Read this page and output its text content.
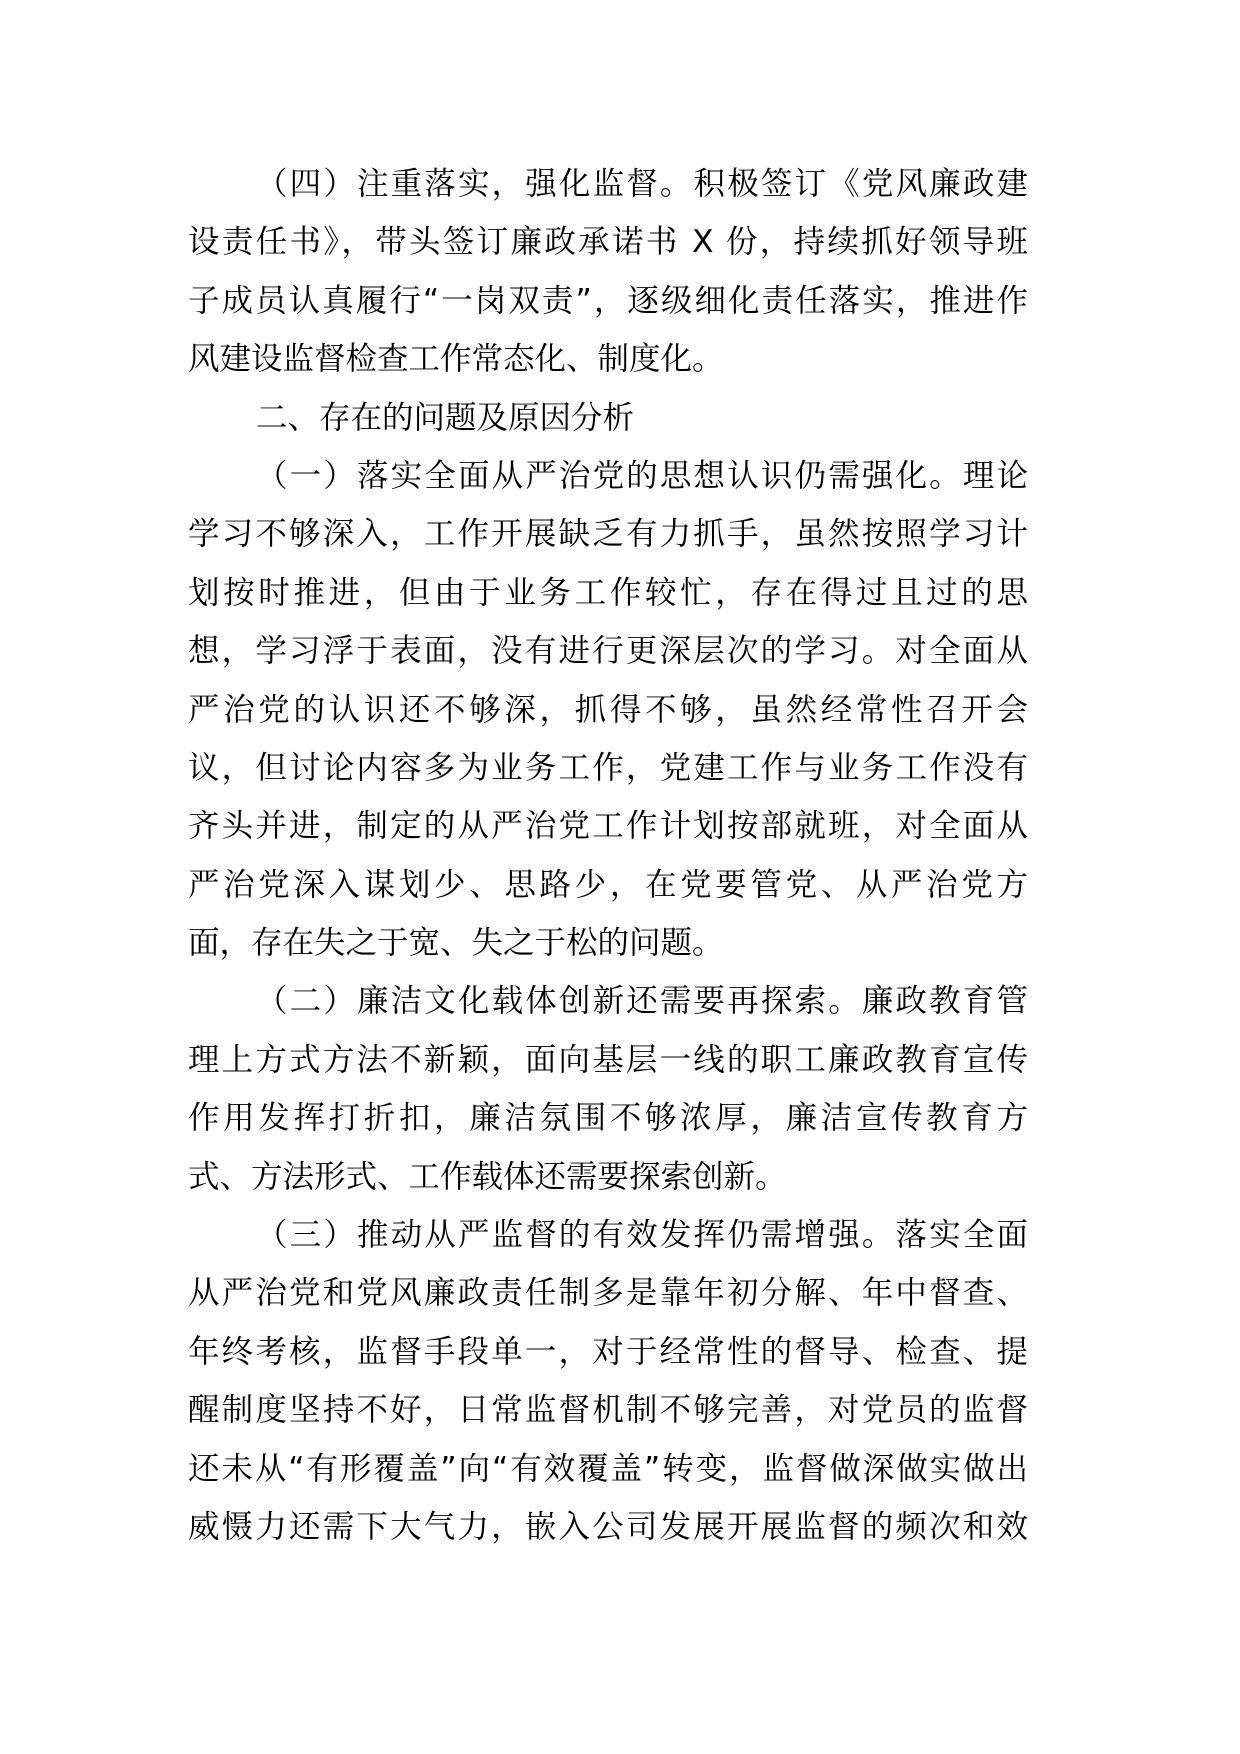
（四）注重落实，强化监督。积极签订《党风廉政建
设责任书》，带头签订廉政承诺书 X 份，持续抓好领导班
子成员认真履行“一岗双责”，逐级细化责任落实，推进作
风建设监督检查工作常态化、制度化。
二、存在的问题及原因分析
（一）落实全面从严治党的思想认识仍需强化。理论
学习不够深入，工作开展缺乏有力抓手，虽然按照学习计
划按时推进，但由于业务工作较忙，存在得过且过的思
想，学习浮于表面，没有进行更深层次的学习。对全面从
严治党的认识还不够深，抓得不够，虽然经常性召开会
议，但讨论内容多为业务工作，党建工作与业务工作没有
齐头并进，制定的从严治党工作计划按部就班，对全面从
严治党深入谋划少、思路少，在党要管党、从严治党方
面，存在失之于宽、失之于松的问题。
（二）廉洁文化载体创新还需要再探索。廉政教育管
理上方式方法不新颖，面向基层一线的职工廉政教育宣传
作用发挥打折扣，廉洁氛围不够浓厚，廉洁宣传教育方
式、方法形式、工作载体还需要探索创新。
（三）推动从严监督的有效发挥仍需增强。落实全面
从严治党和党风廉政责任制多是靠年初分解、年中督查、
年终考核，监督手段单一，对于经常性的督导、检查、提
醒制度坚持不好，日常监督机制不够完善，对党员的监督
还未从“有形覆盖”向“有效覆盖”转变，监督做深做实做出
威慑力还需下大气力，嵌入公司发展开展监督的频次和效
